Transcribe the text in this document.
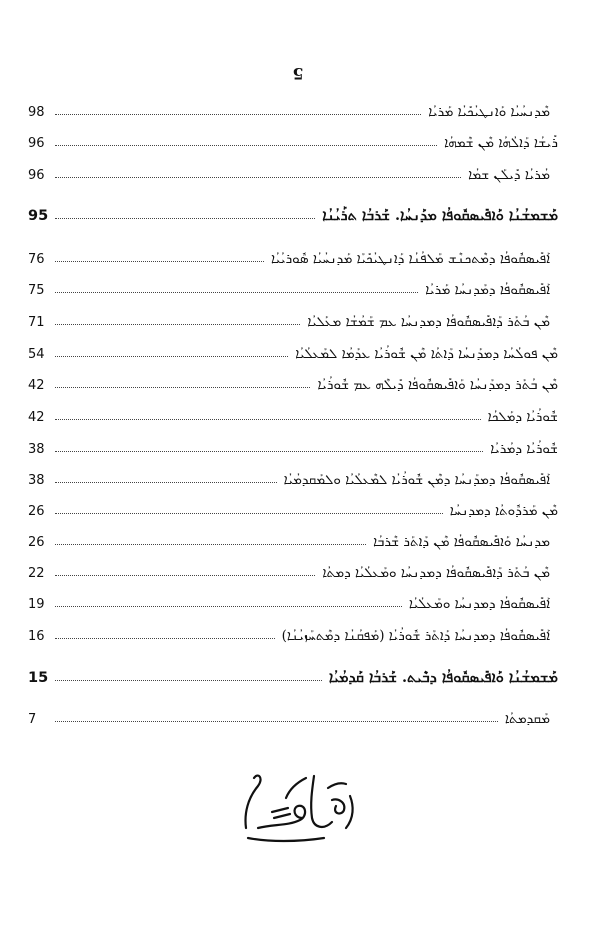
5
ܡܶܕܢܚܳܝܳܐ ܘܰܐܢܛܝܳܟܺܝܳܐ ܡܰܪܝܳܐ
98
ܪܺܝܫܳܐ ܕܰܐܠܳܗܳܐ ܡܶܢ ܫܶܡܗܳܐ
96
ܡܳܪܝܳܐ ܕܺܝܠܰܢ ܫܡܳܐ
96
ܡܰܫܡܫܳܢܳܐ ܘܰܐܦܺܝܣܩܽܘܦܳܐ ܡܕܰܢܚܳܐ. ܫܰܪܒܳܐ ܬܪܰܝܳܢܳܐ
95
ܐܰܦܺܝܣܩܽܘܦܳܐ ܕܡܶܬܟܢܶܫ ܡܰܠܦܳܢܳܐ ܕܰܐܢܛܝܳܟܺܝܰܐ ܡܰܕܢܚܳܝܳܐ ܣܽܘܪܝܳܝܳܐ
76
ܐܰܦܺܝܣܩܽܘܦܳܐ ܕܡܰܕܢܚܳܐ ܡܰܪܝܳܐ
75
ܡܶܢ ܒܳܬܰܪ ܕܰܐܦܺܝܣܩܽܘܦܳܐ ܕܡܕܢܚܳܐ ܥܡ ܫܰܡܳܫܳܐ ܡܥܰܠܝܳܐ
71
ܡܶܢ ܦܘܠܳܚܳܐ ܕܡܕܰܢܚܳܐ ܕܰܐܬܳܐ ܡܶܢ ܫܽܘܪܳܝܳܐ ܥܕܰܡܳܐ ܠܡܰܥܠܳܝܳܐ
54
ܡܶܢ ܒܳܬܰܪ ܕܡܕܰܢܚܳܐ ܘܰܐܦܺܝܣܩܽܘܦܳܐ ܕܺܝܠܶܗ ܥܡ ܫܽܘܪܳܝܳܐ
42
ܫܽܘܪܳܝܳܐ ܕܡܰܠܟܳܐ
42
ܫܽܘܪܳܝܳܐ ܕܡܳܪܝܳܐ
38
ܐܰܦܺܝܣܩܽܘܦܳܐ ܕܡܕܰܢܚܳܐ ܕܡܶܢ ܫܽܘܪܳܝܳܐ ܠܡܶܥܠܳܝܳܐ ܘܠܡܰܩܕܡܳܝܳܐ
38
ܡܶܢ ܡܰܪܕܽܘܬܳܐ ܕܡܕܢܚܳܐ
26
ܡܕܢܚܳܐ ܘܰܐܦܺܝܣܩܽܘܦܳܐ ܡܶܢ ܕܰܐܬܰܪ ܫܶܪܒܳܐ
26
ܡܶܢ ܒܳܬܰܪ ܕܰܐܦܺܝܣܩܽܘܦܳܐ ܕܡܕܢܚܳܐ ܘܡܰܥܠܳܝܳܐ ܕܡܬܳܐ
22
ܐܰܦܺܝܣܩܽܘܦܳܐ ܕܡܕܢܚܳܐ ܘܡܰܥܠܳܝܳܐ
19
ܐܰܦܺܝܣܩܽܘܦܳܐ ܕܡܕܢܚܳܐ ܕܰܐܬܰܪ ܫܽܘܪܳܝܳܐ (ܡܰܦܩܳܢܳܐ ܕܡܶܬܚܰܙܝܳܢܳܐ)
16
ܡܰܫܡܫܳܢܳܐ ܘܰܐܦܺܝܣܩܽܘܦܳܐ ܕܒܶܝܬ. ܫܰܪܒܳܐ ܩܰܕܡܳܝܳܐ
15
ܡܰܩܕܡܬܳܐ
7
